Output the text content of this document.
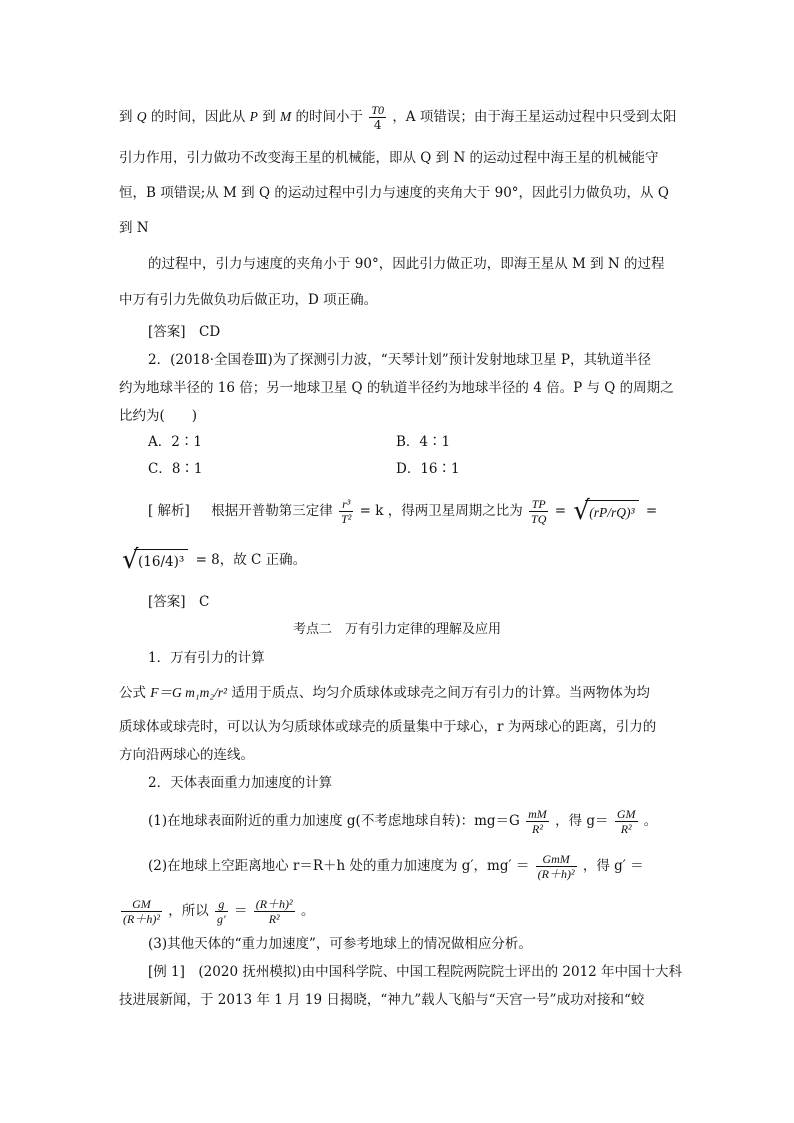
到 Q 的时间，因此从 P 到 M 的时间小于 $\frac{T0}{4}$ ，A 项错误；由于海王星运动过程中只受到太阳
引力作用，引力做功不改变海王星的机械能，即从 Q 到 N 的运动过程中海王星的机械能守
恒，B 项错误;从 M 到 Q 的运动过程中引力与速度的夹角大于 90°，因此引力做负功，从 Q
到 N
的过程中，引力与速度的夹角小于 90°，因此引力做正功，即海王星从 M 到 N 的过程
中万有引力先做负功后做正功，D 项正确。
[答案]　CD
2．(2018·全国卷Ⅲ)为了探测引力波，“天琴计划”预计发射地球卫星 P，其轨道半径
约为地球半径的 16 倍；另一地球卫星 Q 的轨道半径约为地球半径的 4 倍。P 与 Q 的周期之
比约为(　　)
A．2∶1	B．4∶1
C．8∶1	D．16∶1
[ 解析] 根据开普勒第三定律 $\frac{\text{r³}}{\text{T²}} = k$ ，得两卫星周期之比为 $\frac{TP}{TQ}$ = √ (rP/rQ)³ =
√ (16/4)³ = 8，故 C 正确。
[答案]　C
考点二　万有引力定律的理解及应用
1．万有引力的计算
公式 F＝G m₁m₂/r² 适用于质点、均匀介质球体或球壳之间万有引力的计算。当两物体为均
质球体或球壳时，可以认为匀质球体或球壳的质量集中于球心，r 为两球心的距离，引力的
方向沿两球心的连线。
2．天体表面重力加速度的计算
(1)在地球表面附近的重力加速度 g(不考虑地球自转)：$mg=G \frac{mM}{\text{R²}}$ ，得 $g= \frac{GM}{\text{R²}}$ 。
(2)在地球上空距离地心 r＝R＋h 处的重力加速度为 g′，$mg' = \frac{\text{GmM}}{\text{(R＋h)²}}$ ，得 g′ ＝
$\frac{GM}{\text{(R＋h)²}}$ ，所以 $\frac{g}{g'} = \frac{\text{(R＋h)²}}{\text{R²}}$ 。
(3)其他天体的“重力加速度”，可参考地球上的情况做相应分析。
[例 1]　(2020 抚州模拟)由中国科学院、中国工程院两院院士评出的 2012 年中国十大科
技进展新闻，于 2013 年 1 月 19 日揭晓，“神九”载人飞船与“天宫一号”成功对接和“蛟
